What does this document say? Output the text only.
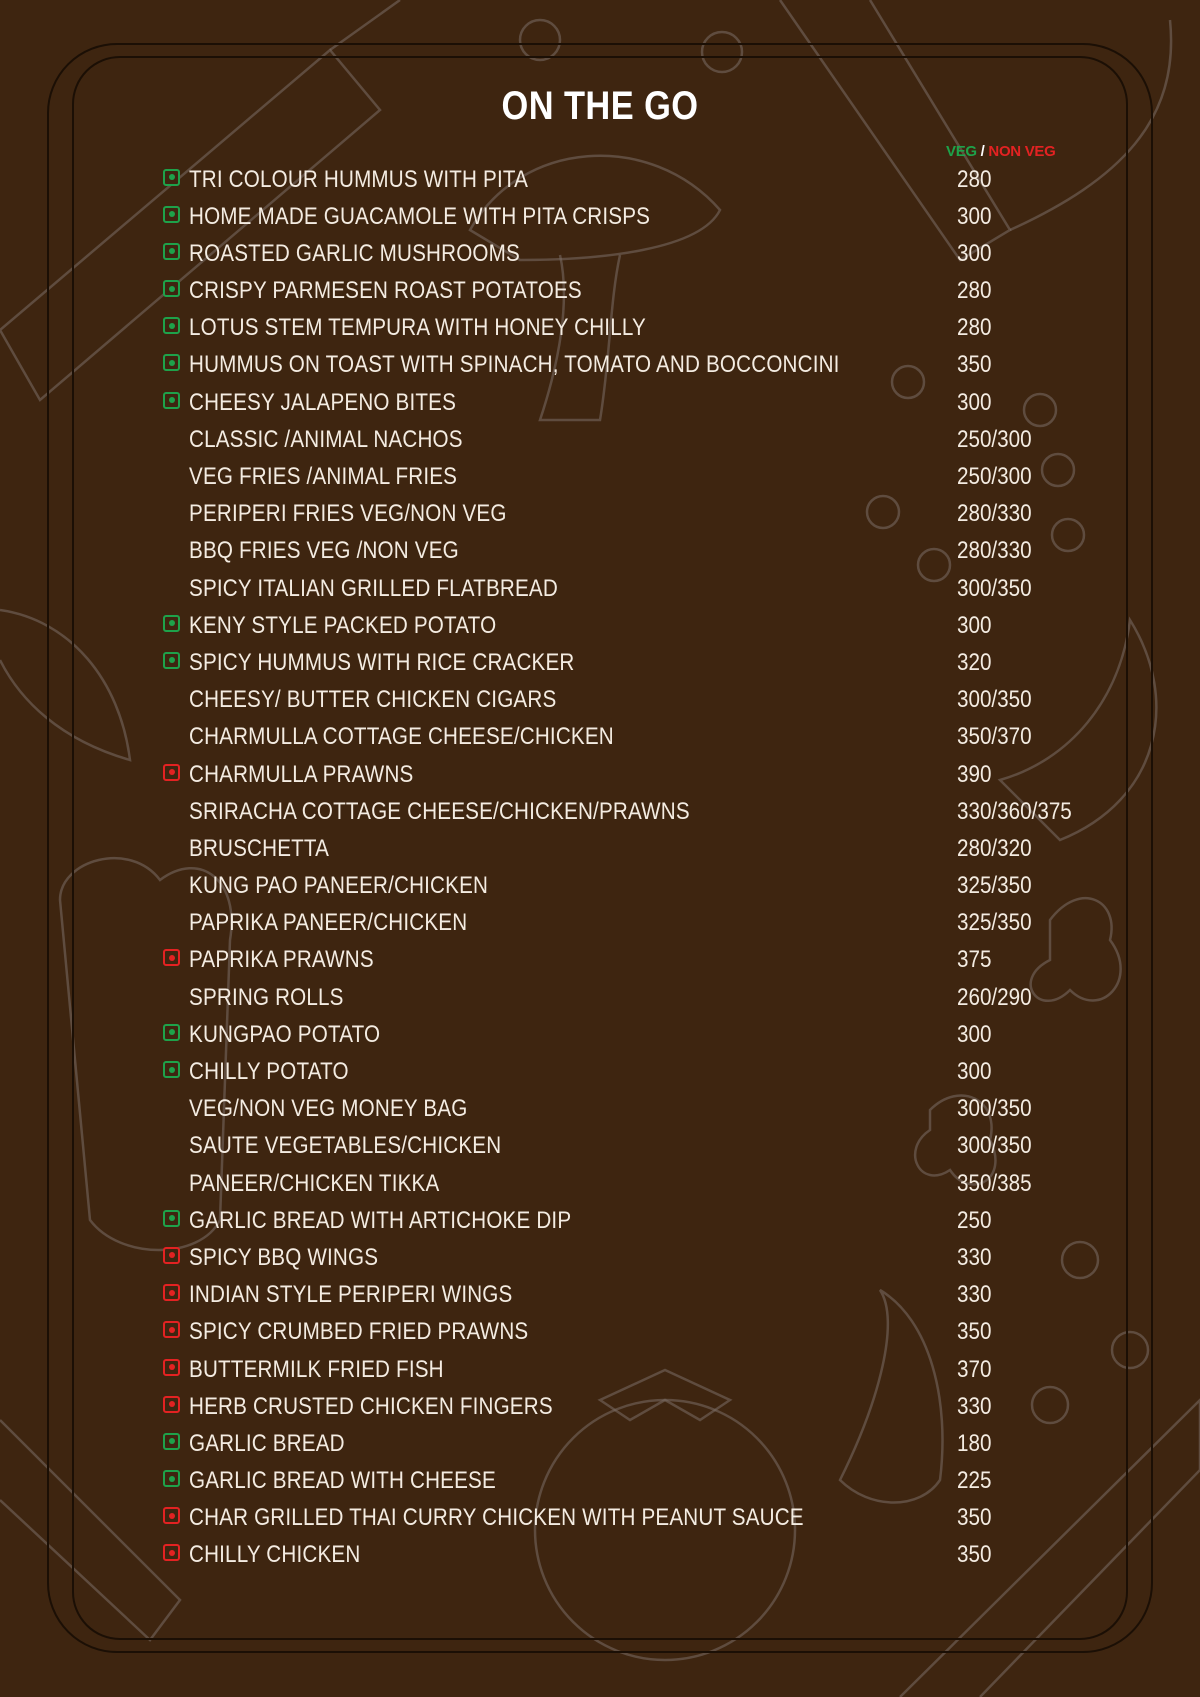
ON THE GO
VEG / NON VEG
TRI COLOUR HUMMUS WITH PITA	280
HOME MADE GUACAMOLE WITH PITA CRISPS	300
ROASTED GARLIC MUSHROOMS	300
CRISPY PARMESEN ROAST POTATOES	280
LOTUS STEM TEMPURA WITH HONEY CHILLY	280
HUMMUS ON TOAST WITH SPINACH, TOMATO AND BOCCONCINI	350
CHEESY JALAPENO BITES	300
CLASSIC /ANIMAL NACHOS	250/300
VEG FRIES /ANIMAL FRIES	250/300
PERIPERI FRIES VEG/NON VEG	280/330
BBQ FRIES VEG /NON VEG	280/330
SPICY ITALIAN GRILLED FLATBREAD	300/350
KENY STYLE PACKED POTATO	300
SPICY HUMMUS WITH RICE CRACKER	320
CHEESY/ BUTTER CHICKEN CIGARS	300/350
CHARMULLA COTTAGE CHEESE/CHICKEN	350/370
CHARMULLA PRAWNS	390
SRIRACHA COTTAGE CHEESE/CHICKEN/PRAWNS	330/360/375
BRUSCHETTA	280/320
KUNG PAO PANEER/CHICKEN	325/350
PAPRIKA PANEER/CHICKEN	325/350
PAPRIKA PRAWNS	375
SPRING ROLLS	260/290
KUNGPAO POTATO	300
CHILLY POTATO	300
VEG/NON VEG MONEY BAG	300/350
SAUTE VEGETABLES/CHICKEN	300/350
PANEER/CHICKEN TIKKA	350/385
GARLIC BREAD WITH ARTICHOKE DIP	250
SPICY BBQ WINGS	330
INDIAN STYLE PERIPERI WINGS	330
SPICY CRUMBED FRIED PRAWNS	350
BUTTERMILK FRIED FISH	370
HERB CRUSTED CHICKEN FINGERS	330
GARLIC BREAD	180
GARLIC BREAD WITH CHEESE	225
CHAR GRILLED THAI CURRY CHICKEN WITH PEANUT SAUCE	350
CHILLY CHICKEN	350
